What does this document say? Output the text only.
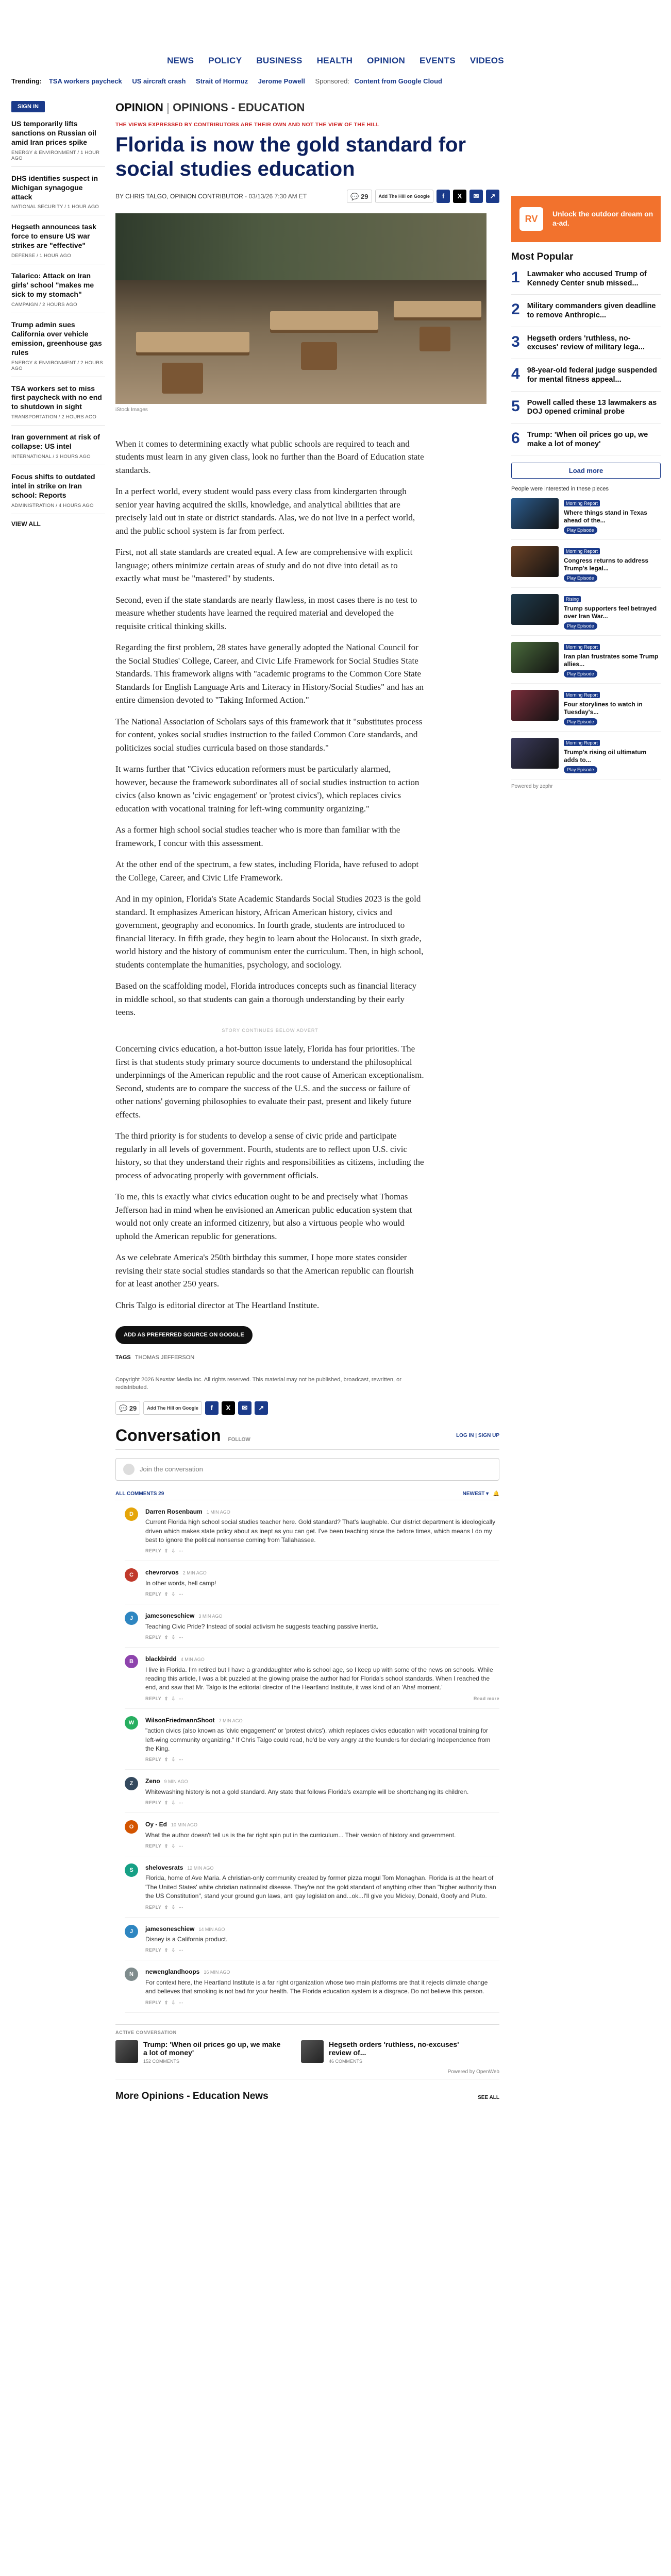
NEWS POLICY BUSINESS HEALTH OPINION EVENTS VIDEOS
Trending: TSA workers paycheck US aircraft crash Strait of Hormuz Jerome Powell Sponsored: Content from Google Cloud
SIGN IN
US temporarily lifts sanctions on Russian oil amid Iran prices spike
ENERGY & ENVIRONMENT / 1 HOUR AGO
DHS identifies suspect in Michigan synagogue attack
NATIONAL SECURITY / 1 HOUR AGO
Hegseth announces task force to ensure US war strikes are "effective"
DEFENSE / 1 HOUR AGO
Talarico: Attack on Iran girls' school "makes me sick to my stomach"
CAMPAIGN / 2 HOURS AGO
Trump admin sues California over vehicle emission, greenhouse gas rules
ENERGY & ENVIRONMENT / 2 HOURS AGO
TSA workers set to miss first paycheck with no end to shutdown in sight
TRANSPORTATION / 2 HOURS AGO
Iran government at risk of collapse: US intel
INTERNATIONAL / 3 HOURS AGO
Focus shifts to outdated intel in strike on Iran school: Reports
ADMINISTRATION / 4 HOURS AGO
VIEW ALL
OPINION | OPINIONS - EDUCATION
THE VIEWS EXPRESSED BY CONTRIBUTORS ARE THEIR OWN AND NOT THE VIEW OF THE HILL
Florida is now the gold standard for social studies education
BY CHRIS TALGO, OPINION CONTRIBUTOR - 03/13/26 7:30 AM ET	💬 29	Add The Hill on Google	f	X	✉	↗
iStock Images

When it comes to determining exactly what public schools are required to teach and students must learn in any given class, look no further than the Board of Education state standards.

In a perfect world, every student would pass every class from kindergarten through senior year having acquired the skills, knowledge, and analytical abilities that are precisely laid out in state or district standards. Alas, we do not live in a perfect world, and the public school system is far from perfect.

First, not all state standards are created equal. A few are comprehensive with explicit language; others minimize certain areas of study and do not dive into detail as to exactly what must be "mastered" by students.

Second, even if the state standards are nearly flawless, in most cases there is no test to measure whether students have learned the required material and developed the requisite critical thinking skills.

Regarding the first problem, 28 states have generally adopted the National Council for the Social Studies' College, Career, and Civic Life Framework for Social Studies State Standards. This framework aligns with "academic programs to the Common Core State Standards for English Language Arts and Literacy in History/Social Studies" and has an entire dimension devoted to "Taking Informed Action."

The National Association of Scholars says of this framework that it "substitutes process for content, yokes social studies instruction to the failed Common Core standards, and politicizes social studies curricula based on those standards."

It warns further that "Civics education reformers must be particularly alarmed, however, because the framework subordinates all of social studies instruction to action civics (also known as 'civic engagement' or 'protest civics'), which replaces civics education with vocational training for left-wing community organizing."

As a former high school social studies teacher who is more than familiar with the framework, I concur with this assessment.

At the other end of the spectrum, a few states, including Florida, have refused to adopt the College, Career, and Civic Life Framework.

And in my opinion, Florida's State Academic Standards Social Studies 2023 is the gold standard. It emphasizes American history, African American history, civics and government, geography and economics. In fourth grade, students are introduced to financial literacy. In fifth grade, they begin to learn about the Holocaust. In sixth grade, world history and the history of communism enter the curriculum. Then, in high school, students contemplate the humanities, psychology, and sociology.

Based on the scaffolding model, Florida introduces concepts such as financial literacy in middle school, so that students can gain a thorough understanding by their early teens.

STORY CONTINUES BELOW ADVERT

Concerning civics education, a hot-button issue lately, Florida has four priorities. The first is that students study primary source documents to understand the philosophical underpinnings of the American republic and the root cause of American exceptionalism. Second, students are to compare the success of the U.S. and the success or failure of other nations' governing philosophies to evaluate their past, present and likely future effects.

The third priority is for students to develop a sense of civic pride and participate regularly in all levels of government. Fourth, students are to reflect upon U.S. civic history, so that they understand their rights and responsibilities as citizens, including the process of advocating properly with government officials.

To me, this is exactly what civics education ought to be and precisely what Thomas Jefferson had in mind when he envisioned an American public education system that would not only create an informed citizenry, but also a virtuous people who would uphold the American republic for generations.

As we celebrate America's 250th birthday this summer, I hope more states consider revising their state social studies standards so that the American republic can flourish for at least another 250 years.

Chris Talgo is editorial director at The Heartland Institute.

ADD AS PREFERRED SOURCE ON GOOGLE
TAGS THOMAS JEFFERSON
Copyright 2026 Nexstar Media Inc. All rights reserved. This material may not be published, broadcast, rewritten, or redistributed.
💬 29	Add The Hill on Google	f	X	✉	↗
Conversation FOLLOW
LOG IN | SIGN UP
Join the conversation
ALL COMMENTS 29	NEWEST ▾   🔔
D	Darren Rosenbaum 1 MIN AGO
Current Florida high school social studies teacher here. Gold standard? That's laughable. Our district department is ideologically driven which makes state policy about as inept as you can get. I've been teaching since the before times, which means I do my best to ignore the political nonsense coming from Tallahassee.
REPLY  ⇧  ⇩  ⋯
C	chevrorvos 2 MIN AGO
In other words, hell camp!
REPLY  ⇧  ⇩  ⋯
J	jamesoneschiew 3 MIN AGO
Teaching Civic Pride? Instead of social activism he suggests teaching passive inertia.
REPLY  ⇧  ⇩  ⋯
B	blackbirdd 4 MIN AGO
I live in Florida. I'm retired but I have a granddaughter who is school age, so I keep up with some of the news on schools. While reading this article, I was a bit puzzled at the glowing praise the author had for Florida's school standards. When I reached the end, and saw that Mr. Talgo is the editorial director of the Heartland Institute, it was kind of an 'Aha! moment.'
REPLY  ⇧  ⇩  ⋯	Read more
W	WilsonFriedmannShoot 7 MIN AGO
"action civics (also known as 'civic engagement' or 'protest civics'), which replaces civics education with vocational training for left-wing community organizing." If Chris Talgo could read, he'd be very angry at the founders for declaring Independence from the King.
REPLY  ⇧  ⇩  ⋯
Z	Zeno 9 MIN AGO
Whitewashing history is not a gold standard. Any state that follows Florida's example will be shortchanging its children.
REPLY  ⇧  ⇩  ⋯
O	Oy - Ed 10 MIN AGO
What the author doesn't tell us is the far right spin put in the curriculum... Their version of history and government.
REPLY  ⇧  ⇩  ⋯
S	shelovesrats 12 MIN AGO
Florida, home of Ave Maria. A christian-only community created by former pizza mogul Tom Monaghan. Florida is at the heart of 'The United States' white christian nationalist disease. They're not the gold standard of anything other than "higher authority than the US Constitution", stand your ground gun laws, anti gay legislation and...ok...I'll give you Mickey, Donald, Goofy and Pluto.
REPLY  ⇧  ⇩  ⋯
J	jamesoneschiew 14 MIN AGO
Disney is a California product.
REPLY  ⇧  ⇩  ⋯
N	newenglandhoops 16 MIN AGO
For context here, the Heartland Institute is a far right organization whose two main platforms are that it rejects climate change and believes that smoking is not bad for your health. The Florida education system is a disgrace. Do not believe this person.
REPLY  ⇧  ⇩  ⋯
ACTIVE CONVERSATION
Trump: 'When oil prices go up, we make a lot of money'
152 COMMENTS
Hegseth orders 'ruthless, no-excuses' review of...
46 COMMENTS
Powered by OpenWeb
More Opinions - Education News	SEE ALL
RV	Unlock the outdoor dream on a-ad.
Most Popular
1 Lawmaker who accused Trump of Kennedy Center snub missed...
2 Military commanders given deadline to remove Anthropic...
3 Hegseth orders 'ruthless, no-excuses' review of military lega...
4 98-year-old federal judge suspended for mental fitness appeal...
5 Powell called these 13 lawmakers as DOJ opened criminal probe
6 Trump: 'When oil prices go up, we make a lot of money'
Load more
People were interested in these pieces
Morning Report
Where things stand in Texas ahead of the...
Play Episode
Morning Report
Congress returns to address Trump's legal...
Play Episode
Rising
Trump supporters feel betrayed over Iran War...
Play Episode
Morning Report
Iran plan frustrates some Trump allies...
Play Episode
Morning Report
Four storylines to watch in Tuesday's...
Play Episode
Morning Report
Trump's rising oil ultimatum adds to...
Play Episode
Powered by zephr
